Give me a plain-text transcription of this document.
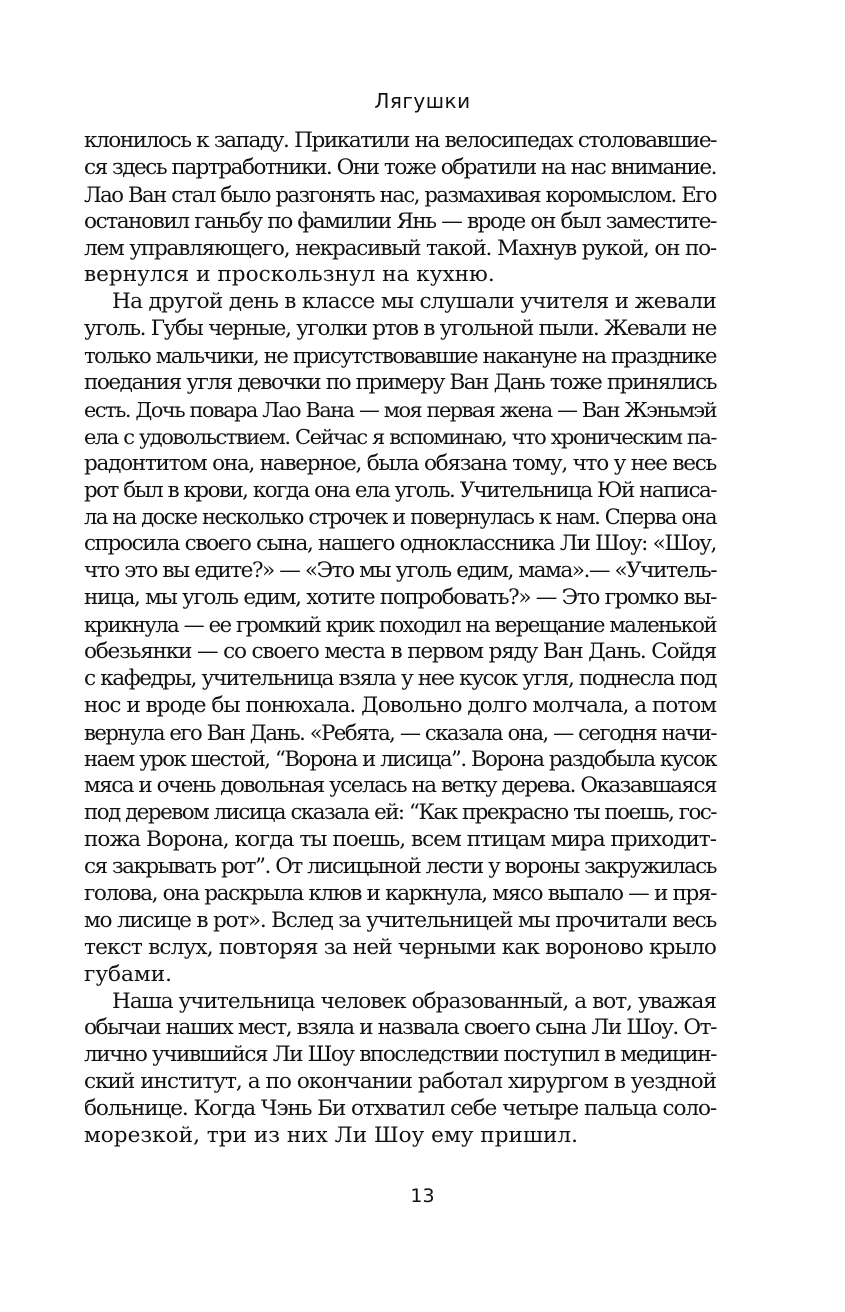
Лягушки
клонилось к западу. Прикатили на велосипедах столовавшие-
ся здесь партработники. Они тоже обратили на нас внимание.
Лао Ван стал было разгонять нас, размахивая коромыслом. Его
остановил ганьбу по фамилии Янь — вроде он был заместите-
лем управляющего, некрасивый такой. Махнув рукой, он по-
вернулся и проскользнул на кухню.
На другой день в классе мы слушали учителя и жевали
уголь. Губы черные, уголки ртов в угольной пыли. Жевали не
только мальчики, не присутствовавшие накануне на празднике
поедания угля девочки по примеру Ван Дань тоже принялись
есть. Дочь повара Лао Вана — моя первая жена — Ван Жэньмэй
ела с удовольствием. Сейчас я вспоминаю, что хроническим па-
радонтитом она, наверное, была обязана тому, что у нее весь
рот был в крови, когда она ела уголь. Учительница Юй написа-
ла на доске несколько строчек и повернулась к нам. Сперва она
спросила своего сына, нашего одноклассника Ли Шоу: «Шоу,
что это вы едите?» — «Это мы уголь едим, мама».— «Учитель-
ница, мы уголь едим, хотите попробовать?» — Это громко вы-
крикнула — ее громкий крик походил на верещание маленькой
обезьянки — со своего места в первом ряду Ван Дань. Сойдя
с кафедры, учительница взяла у нее кусок угля, поднесла под
нос и вроде бы понюхала. Довольно долго молчала, а потом
вернула его Ван Дань. «Ребята, — сказала она, — сегодня начи-
наем урок шестой, “Ворона и лисица”. Ворона раздобыла кусок
мяса и очень довольная уселась на ветку дерева. Оказавшаяся
под деревом лисица сказала ей: “Как прекрасно ты поешь, гос-
пожа Ворона, когда ты поешь, всем птицам мира приходит-
ся закрывать рот”. От лисицыной лести у вороны закружилась
голова, она раскрыла клюв и каркнула, мясо выпало — и пря-
мо лисице в рот». Вслед за учительницей мы прочитали весь
текст вслух, повторяя за ней черными как вороново крыло
губами.
Наша учительница человек образованный, а вот, уважая
обычаи наших мест, взяла и назвала своего сына Ли Шоу. От-
лично учившийся Ли Шоу впоследствии поступил в медицин-
ский институт, а по окончании работал хирургом в уездной
больнице. Когда Чэнь Би отхватил себе четыре пальца соло-
морезкой, три из них Ли Шоу ему пришил.
13
